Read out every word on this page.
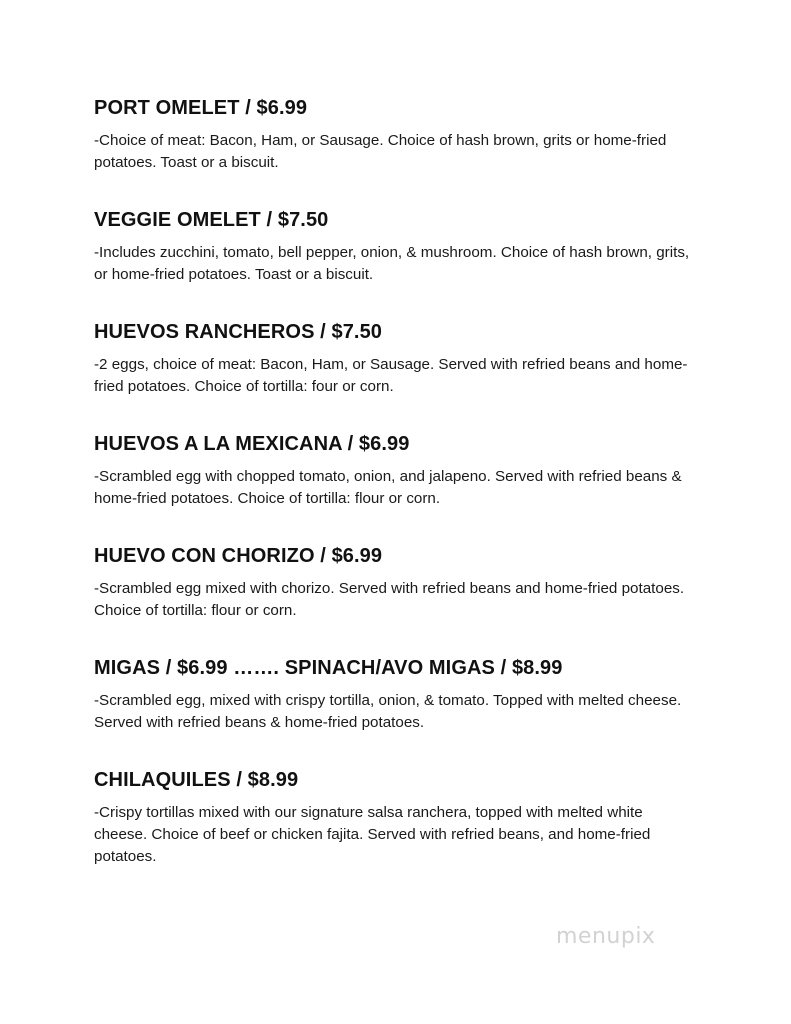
PORT OMELET / $6.99

-Choice of meat: Bacon, Ham, or Sausage. Choice of hash brown, grits or home-fried potatoes. Toast or a biscuit.

VEGGIE OMELET / $7.50

-Includes zucchini, tomato, bell pepper, onion, & mushroom. Choice of hash brown, grits, or home-fried potatoes. Toast or a biscuit.

HUEVOS RANCHEROS / $7.50

-2 eggs, choice of meat: Bacon, Ham, or Sausage. Served with refried beans and home-fried potatoes. Choice of tortilla: four or corn.

HUEVOS A LA MEXICANA / $6.99

-Scrambled egg with chopped tomato, onion, and jalapeno. Served with refried beans & home-fried potatoes. Choice of tortilla: flour or corn.

HUEVO CON CHORIZO / $6.99

-Scrambled egg mixed with chorizo. Served with refried beans and home-fried potatoes. Choice of tortilla: flour or corn.

MIGAS / $6.99 ……. SPINACH/AVO MIGAS / $8.99

-Scrambled egg, mixed with crispy tortilla, onion, & tomato. Topped with melted cheese. Served with refried beans & home-fried potatoes.

CHILAQUILES / $8.99

-Crispy tortillas mixed with our signature salsa ranchera, topped with melted white cheese. Choice of beef or chicken fajita. Served with refried beans, and home-fried potatoes.

menupix
